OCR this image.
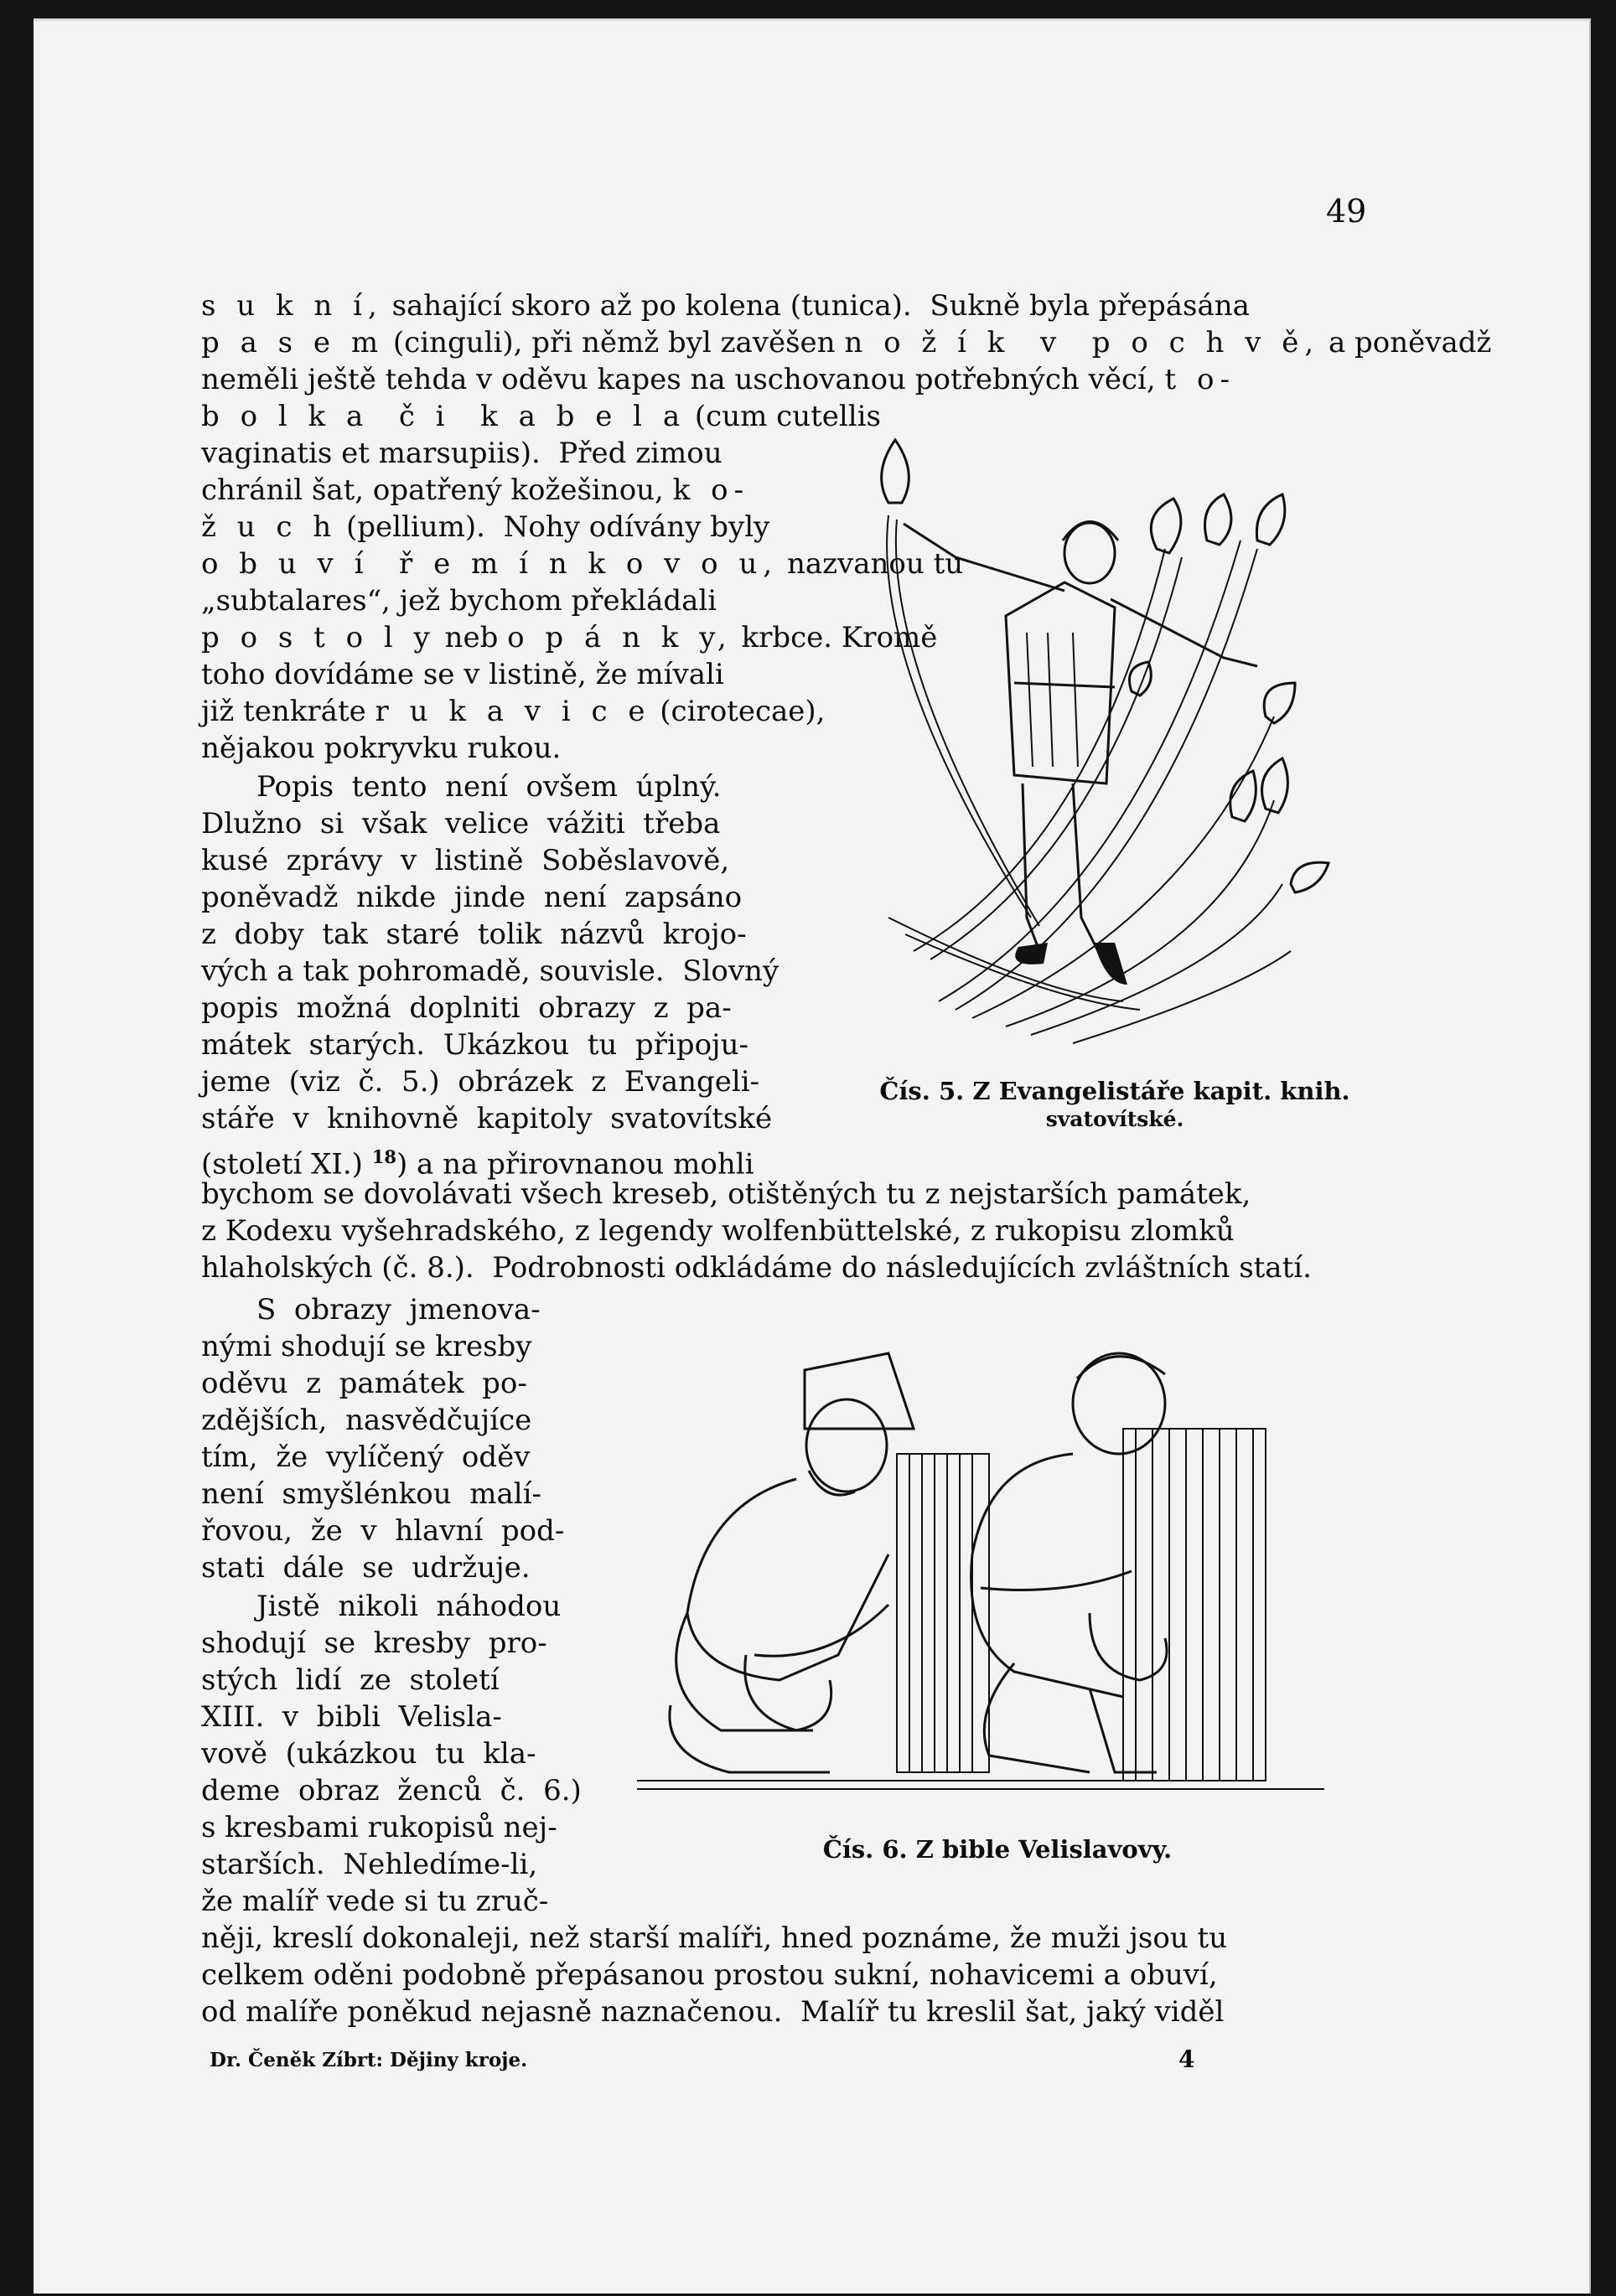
49
s u k n í, sahající skoro až po kolena (tunica).  Sukně byla přepásána
p a s e m (cinguli), při němž byl zavěšen n o ž í k  v  p o c h v ě, a poněvadž
neměli ještě tehda v oděvu kapes na uschovanou potřebných věcí, t o-
b o l k a  č i  k a b e l a (cum cutellis
vaginatis et marsupiis).  Před zimou
chránil šat, opatřený kožešinou, k o-
ž u c h (pellium).  Nohy odívány byly
o b u v í  ř e m í n k o v o u, nazvanou tu
„subtalares“, jež bychom překládali
p o s t o l y neb o p á n k y, krbce. Kromě
toho dovídáme se v listině, že mívali
již tenkráte r u k a v i c e (cirotecae),
nějakou pokryvku rukou.
Popis  tento  není  ovšem  úplný.
Dlužno  si  však  velice  vážiti  třeba
kusé  zprávy  v  listině  Soběslavově,
poněvadž  nikde  jinde  není  zapsáno
z  doby  tak  staré  tolik  názvů  krojo-
vých a tak pohromadě, souvisle.  Slovný
popis  možná  doplniti  obrazy  z  pa-
mátek  starých.  Ukázkou  tu  připoju-
jeme  (viz  č.  5.)  obrázek  z  Evangeli-
stáře  v  knihovně  kapitoly  svatovítské
(století XI.) $^{18}$) a na přirovnanou mohli
bychom se dovolávati všech kreseb, otištěných tu z nejstarších památek,
z Kodexu vyšehradského, z legendy wolfenbüttelské, z rukopisu zlomků
hlaholských (č. 8.).  Podrobnosti odkládáme do následujících zvláštních statí.
S  obrazy  jmenova-
nými shodují se kresby
oděvu  z  památek  po-
zdějších,  nasvědčujíce
tím,  že  vylíčený  oděv
není  smyšlénkou  malí-
řovou,  že  v  hlavní  pod-
stati  dále  se  udržuje.
Jistě  nikoli  náhodou
shodují  se  kresby  pro-
stých  lidí  ze  století
XIII.  v  bibli  Velisla-
vově  (ukázkou  tu  kla-
deme  obraz  ženců  č.  6.)
s kresbami rukopisů nej-
starších.  Nehledíme-li,
že malíř vede si tu zruč-
něji, kreslí dokonaleji, než starší malíři, hned poznáme, že muži jsou tu
celkem oděni podobně přepásanou prostou sukní, nohavicemi a obuví,
od malíře poněkud nejasně naznačenou.  Malíř tu kreslil šat, jaký viděl
Čís. 5. Z Evangelistáře kapit. knih.
svatovítské.
Čís. 6. Z bible Velislavovy.
Dr. Čeněk Zíbrt: Dějiny kroje.	4
